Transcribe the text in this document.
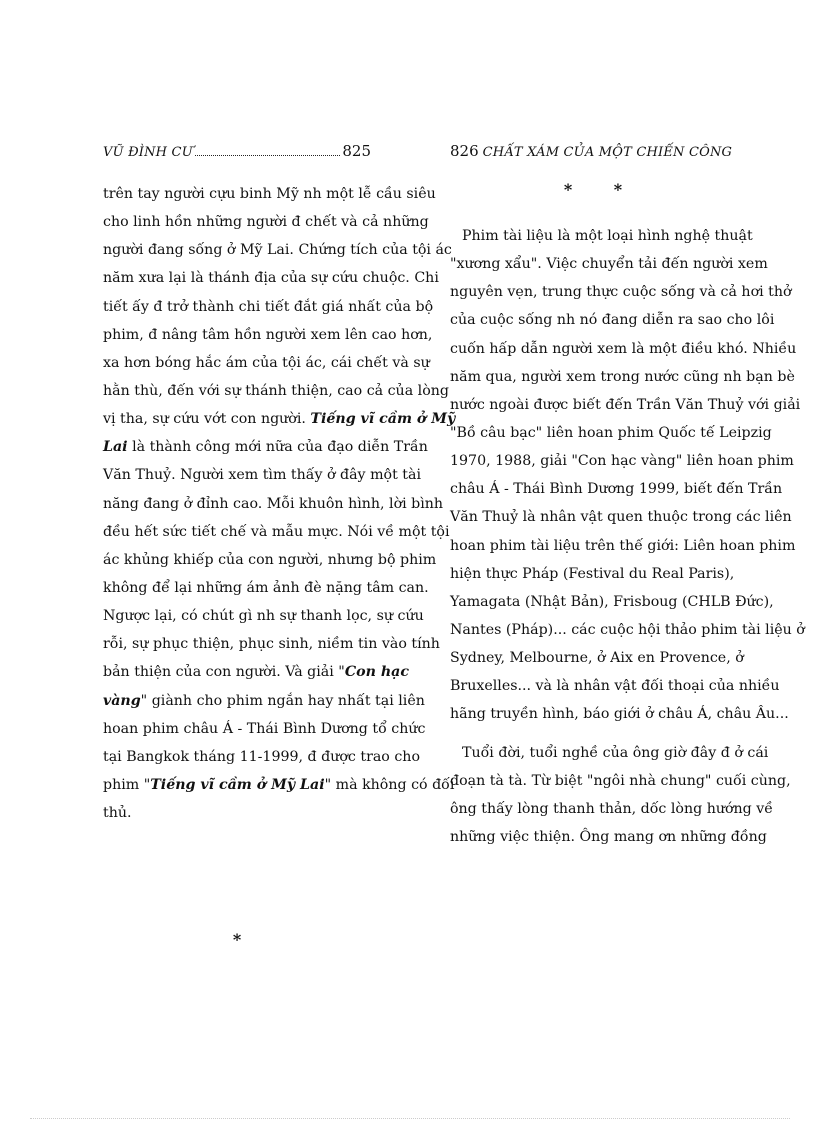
VŨ ĐÌNH CƯ	825
trên tay người cựu binh Mỹ nh một lễ cầu siêu
cho linh hồn những người đ chết và cả những
người đang sống ở Mỹ Lai. Chứng tích của tội ác
năm xưa lại là thánh địa của sự cứu chuộc. Chi
tiết ấy đ trở thành chi tiết đắt giá nhất của bộ
phim, đ nâng tâm hồn người xem lên cao hơn,
xa hơn bóng hắc ám của tội ác, cái chết và sự
hằn thù, đến với sự thánh thiện, cao cả của lòng
vị tha, sự cứu vớt con người. Tiếng vĩ cầm ở Mỹ
Lai là thành công mới nữa của đạo diễn Trần
Văn Thuỷ. Người xem tìm thấy ở đây một tài
năng đang ở đỉnh cao. Mỗi khuôn hình, lời bình
đều hết sức tiết chế và mẫu mực. Nói về một tội
ác khủng khiếp của con người, nhưng bộ phim
không để lại những ám ảnh đè nặng tâm can.
Ngược lại, có chút gì nh sự thanh lọc, sự cứu
rỗi, sự phục thiện, phục sinh, niềm tin vào tính
bản thiện của con người. Và giải "Con hạc
vàng" giành cho phim ngắn hay nhất tại liên
hoan phim châu Á - Thái Bình Dương tổ chức
tại Bangkok tháng 11-1999, đ được trao cho
phim "Tiếng vĩ cầm ở Mỹ Lai" mà không có đối
thủ.
*
826 CHẤT XÁM CỦA MỘT CHIẾN CÔNG
* *
Phim tài liệu là một loại hình nghệ thuật
"xương xẩu". Việc chuyển tải đến người xem
nguyên vẹn, trung thực cuộc sống và cả hơi thở
của cuộc sống nh nó đang diễn ra sao cho lôi
cuốn hấp dẫn người xem là một điều khó. Nhiều
năm qua, người xem trong nước cũng nh bạn bè
nước ngoài được biết đến Trần Văn Thuỷ với giải
"Bồ câu bạc" liên hoan phim Quốc tế Leipzig
1970, 1988, giải "Con hạc vàng" liên hoan phim
châu Á - Thái Bình Dương 1999, biết đến Trần
Văn Thuỷ là nhân vật quen thuộc trong các liên
hoan phim tài liệu trên thế giới: Liên hoan phim
hiện thực Pháp (Festival du Real Paris),
Yamagata (Nhật Bản), Frisboug (CHLB Đức),
Nantes (Pháp)... các cuộc hội thảo phim tài liệu ở
Sydney, Melbourne, ở Aix en Provence, ở
Bruxelles... và là nhân vật đối thoại của nhiều
hãng truyền hình, báo giới ở châu Á, châu Âu...
Tuổi đời, tuổi nghề của ông giờ đây đ ở cái
đoạn tà tà. Từ biệt "ngôi nhà chung" cuối cùng,
ông thấy lòng thanh thản, dốc lòng hướng về
những việc thiện. Ông mang ơn những đồng
